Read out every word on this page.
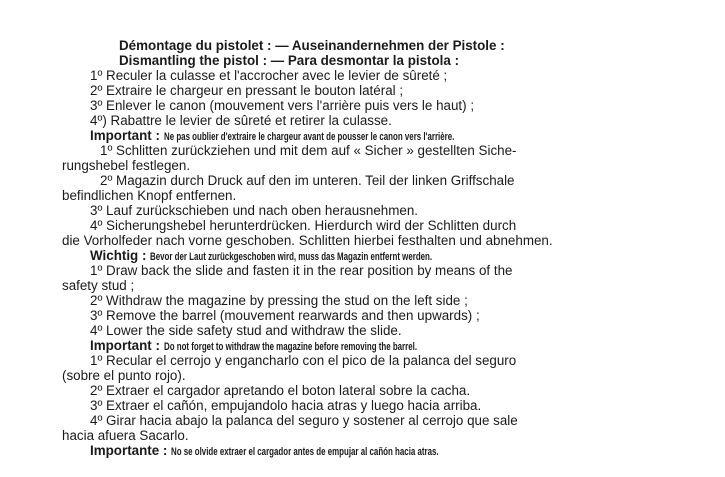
Démontage du pistolet : — Auseinandernehmen der Pistole :
Dismantling the pistol : — Para desmontar la pistola :
1º Reculer la culasse et l'accrocher avec le levier de sûreté ;
2º Extraire le chargeur en pressant le bouton latéral ;
3º Enlever le canon (mouvement vers l'arrière puis vers le haut) ;
4º) Rabattre le levier de sûreté et retirer la culasse.
Important : Ne pas oublier d'extraire le chargeur avant de pousser le canon vers l'arrière.
1º Schlitten zurückziehen und mit dem auf « Sicher » gestellten Siche-
rungshebel festlegen.
2º Magazin durch Druck auf den im unteren. Teil der linken Griffschale
befindlichen Knopf entfernen.
3º Lauf zurückschieben und nach oben herausnehmen.
4º Sicherungshebel herunterdrücken. Hierdurch wird der Schlitten durch
die Vorholfeder nach vorne geschoben. Schlitten hierbei festhalten und abnehmen.
Wichtig : Bevor der Laut zurückgeschoben wird, muss das Magazin entfernt werden.
1º Draw back the slide and fasten it in the rear position by means of the
safety stud ;
2º Withdraw the magazine by pressing the stud on the left side ;
3º Remove the barrel (mouvement rearwards and then upwards) ;
4º Lower the side safety stud and withdraw the slide.
Important : Do not forget to withdraw the magazine before removing the barrel.
1º Recular el cerrojo y engancharlo con el pico de la palanca del seguro
(sobre el punto rojo).
2º Extraer el cargador apretando el boton lateral sobre la cacha.
3º Extraer el cañón, empujandolo hacia atras y luego hacia arriba.
4º Girar hacia abajo la palanca del seguro y sostener al cerrojo que sale
hacia afuera Sacarlo.
Importante : No se olvide extraer el cargador antes de empujar al cañón hacia atras.
